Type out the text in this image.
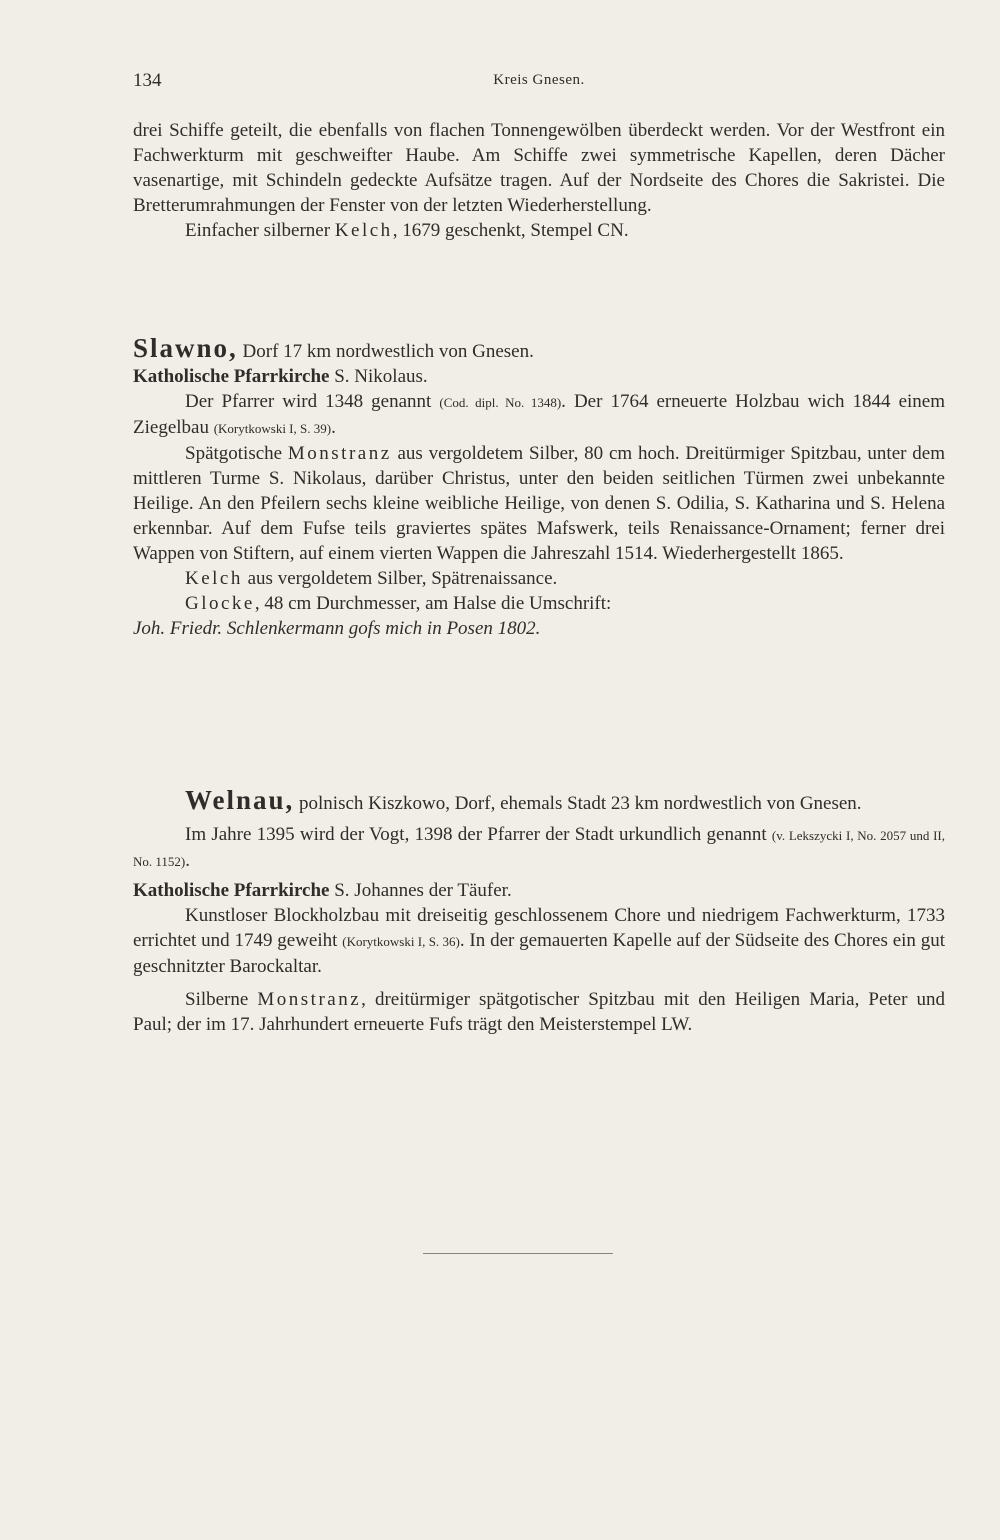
134	Kreis Gnesen.

drei Schiffe geteilt, die ebenfalls von flachen Tonnengewölben überdeckt werden. Vor der Westfront ein Fachwerkturm mit geschweifter Haube. Am Schiffe zwei symmetrische Kapellen, deren Dächer vasenartige, mit Schindeln gedeckte Aufsätze tragen. Auf der Nordseite des Chores die Sakristei. Die Bretterumrahmungen der Fenster von der letzten Wiederherstellung.

Einfacher silberner Kelch, 1679 geschenkt, Stempel CN.

Slawno, Dorf 17 km nordwestlich von Gnesen.

Katholische Pfarrkirche S. Nikolaus.

Der Pfarrer wird 1348 genannt (Cod. dipl. No. 1348). Der 1764 erneuerte Holzbau wich 1844 einem Ziegelbau (Korytkowski I, S. 39).

Spätgotische Monstranz aus vergoldetem Silber, 80 cm hoch. Dreitürmiger Spitzbau, unter dem mittleren Turme S. Nikolaus, darüber Christus, unter den beiden seitlichen Türmen zwei unbekannte Heilige. An den Pfeilern sechs kleine weibliche Heilige, von denen S. Odilia, S. Katharina und S. Helena erkennbar. Auf dem Fufse teils graviertes spätes Mafswerk, teils Renaissance-Ornament; ferner drei Wappen von Stiftern, auf einem vierten Wappen die Jahreszahl 1514. Wiederhergestellt 1865.

Kelch aus vergoldetem Silber, Spätrenaissance.

Glocke, 48 cm Durchmesser, am Halse die Umschrift:

Joh. Friedr. Schlenkermann gofs mich in Posen 1802.

Welnau, polnisch Kiszkowo, Dorf, ehemals Stadt 23 km nordwestlich von Gnesen.

Im Jahre 1395 wird der Vogt, 1398 der Pfarrer der Stadt urkundlich genannt (v. Lekszycki I, No. 2057 und II, No. 1152).

Katholische Pfarrkirche S. Johannes der Täufer.

Kunstloser Blockholzbau mit dreiseitig geschlossenem Chore und niedrigem Fachwerkturm, 1733 errichtet und 1749 geweiht (Korytkowski I, S. 36). In der gemauerten Kapelle auf der Südseite des Chores ein gut geschnitzter Barockaltar.

Silberne Monstranz, dreitürmiger spätgotischer Spitzbau mit den Heiligen Maria, Peter und Paul; der im 17. Jahrhundert erneuerte Fufs trägt den Meisterstempel LW.
